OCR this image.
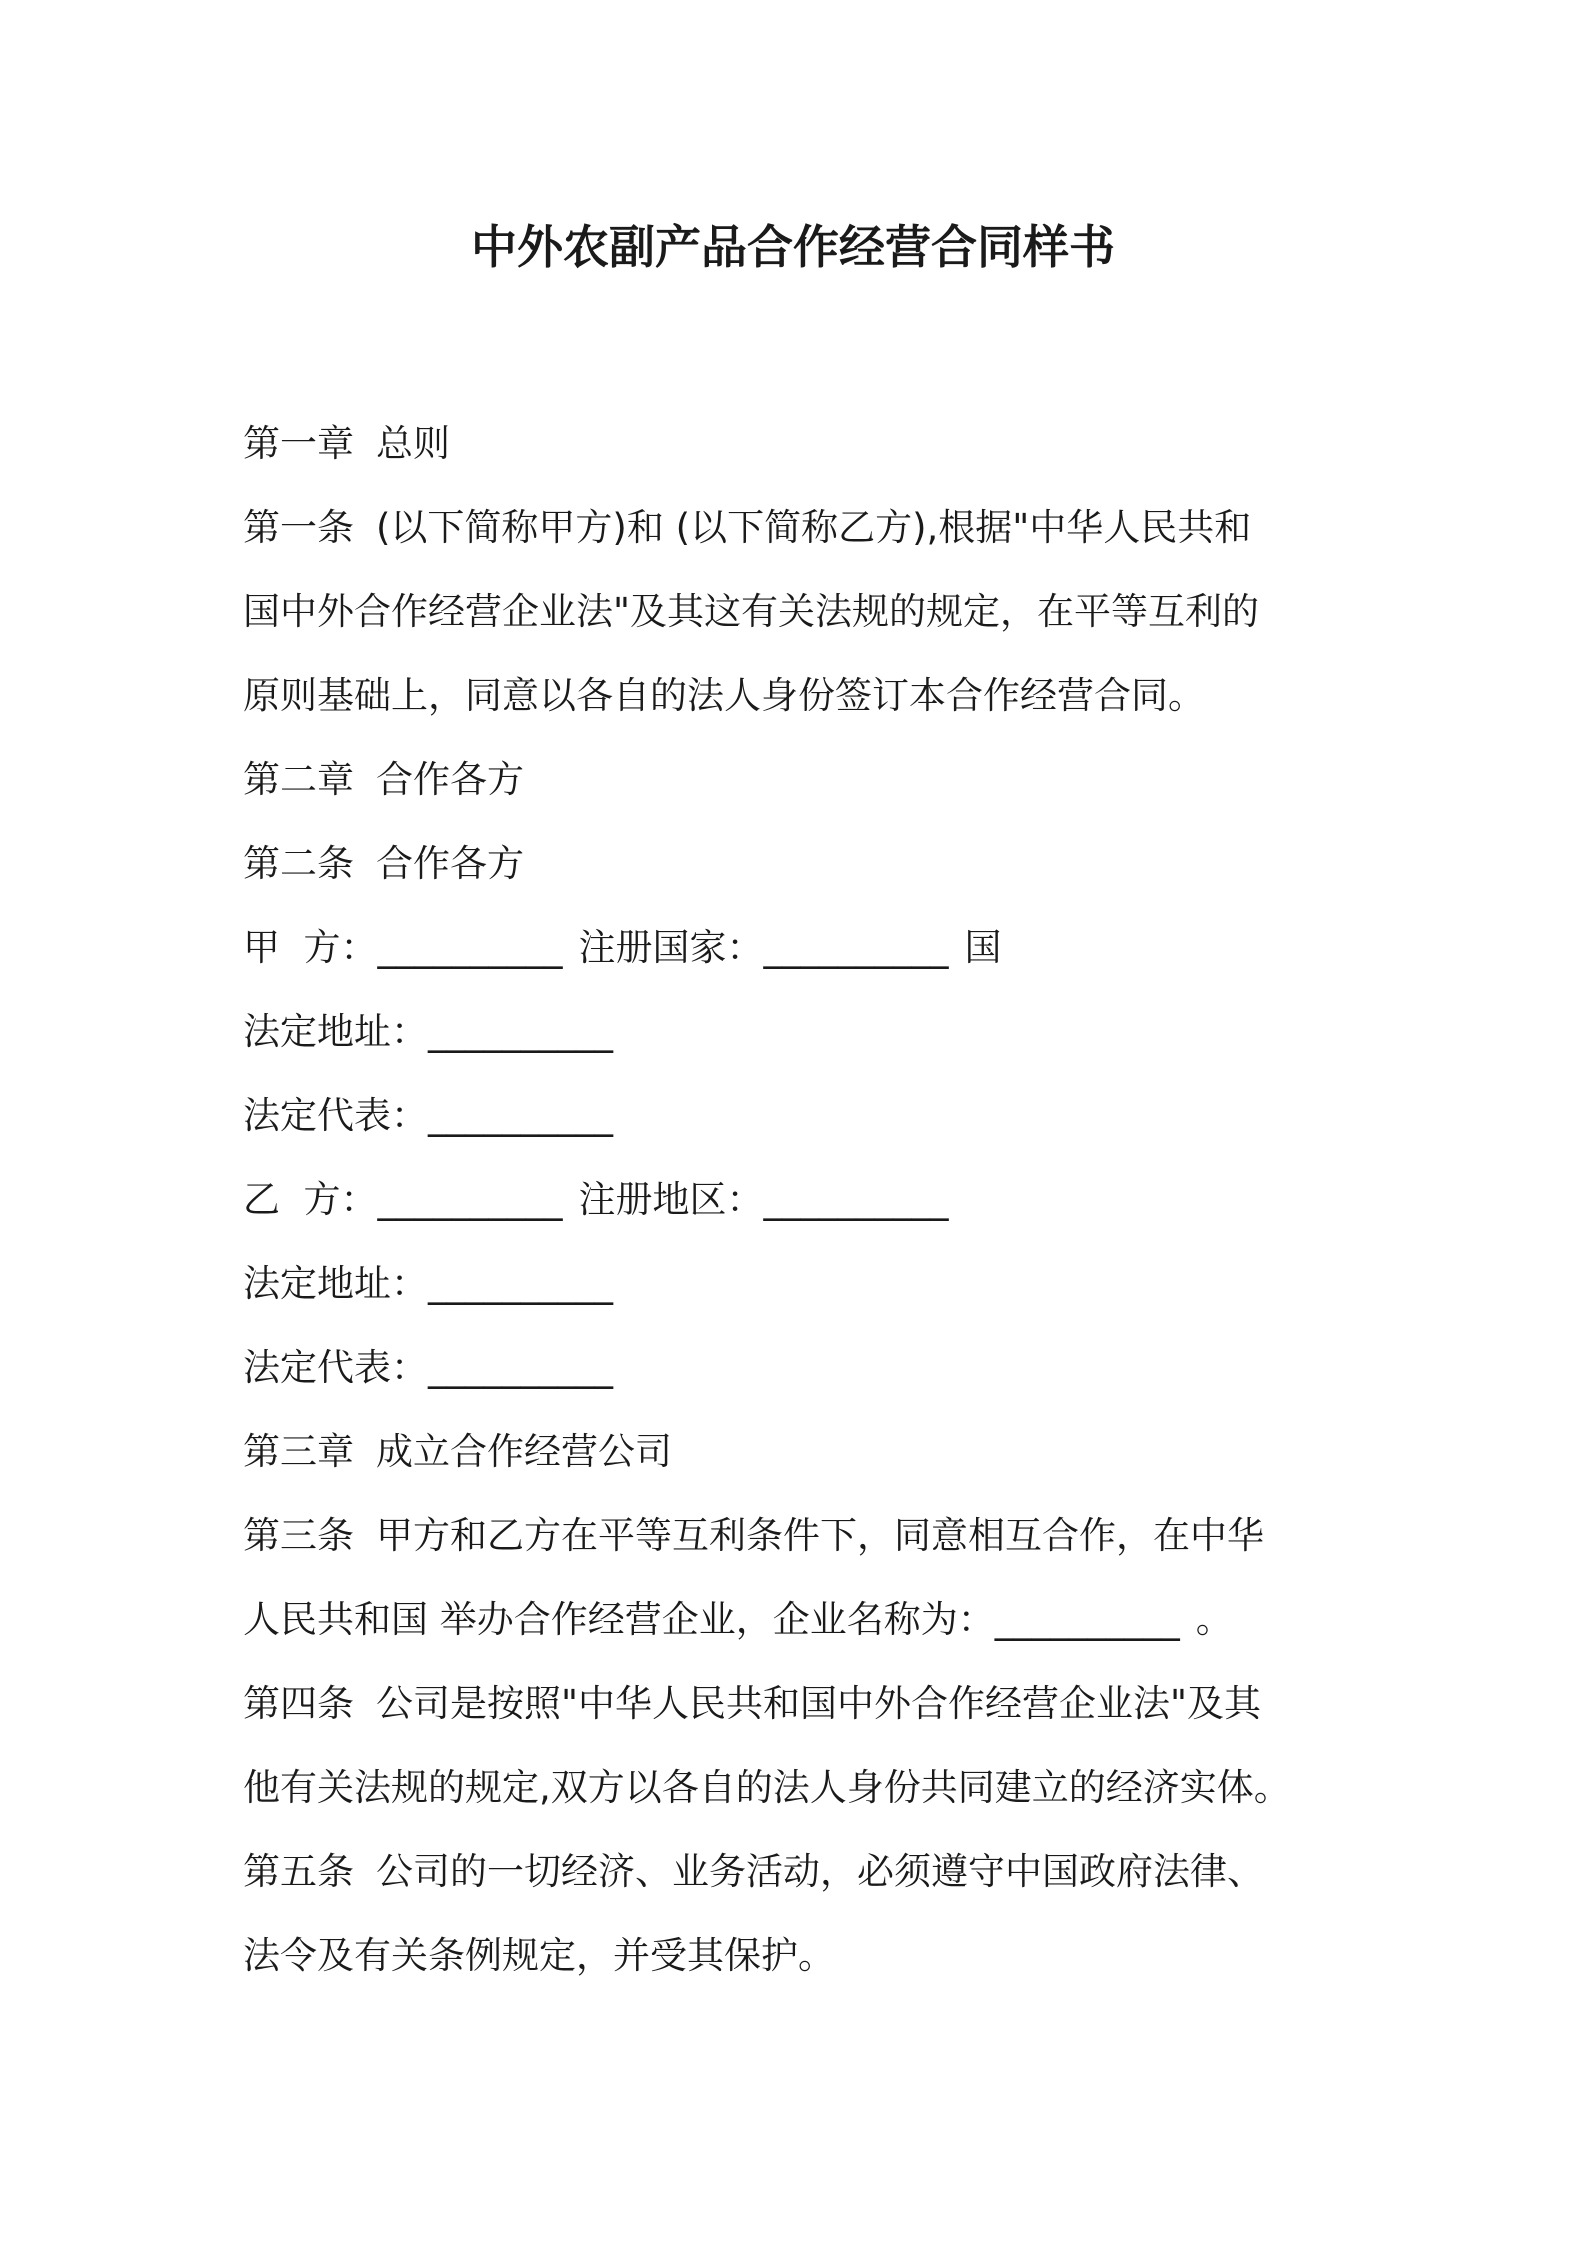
中外农副产品合作经营合同样书
第一章 总则
第一条 (以下简称甲方)和 (以下简称乙方),根据"中华人民共和
国中外合作经营企业法"及其这有关法规的规定，在平等互利的
原则基础上，同意以各自的法人身份签订本合作经营合同。
第二章 合作各方
第二条 合作各方
甲  方：__________ 注册国家：__________ 国
法定地址：__________
法定代表：__________
乙  方：__________ 注册地区：__________
法定地址：__________
法定代表：__________
第三章 成立合作经营公司
第三条 甲方和乙方在平等互利条件下，同意相互合作，在中华
人民共和国 举办合作经营企业，企业名称为：__________ 。
第四条 公司是按照"中华人民共和国中外合作经营企业法"及其
他有关法规的规定,双方以各自的法人身份共同建立的经济实体。
第五条 公司的一切经济、业务活动，必须遵守中国政府法律、
法令及有关条例规定，并受其保护。
